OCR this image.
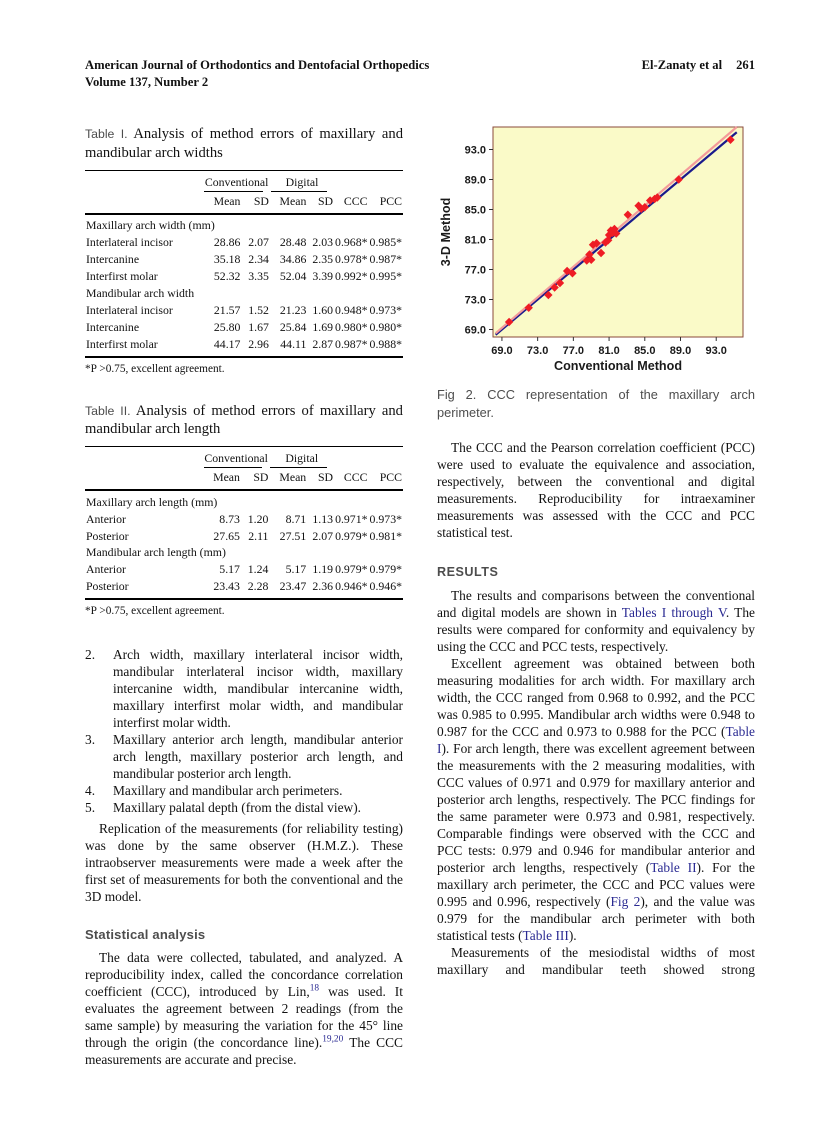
American Journal of Orthodontics and Dentofacial Orthopedics
Volume 137, Number 2
El-Zanaty et al 261
Table I. Analysis of method errors of maxillary and mandibular arch widths
	Conventional		Digital			
	Mean	SD	Mean	SD	CCC	PCC
Maxillary arch width (mm)						
Interlateral incisor	28.86	2.07	28.48	2.03	0.968*	0.985*
Intercanine	35.18	2.34	34.86	2.35	0.978*	0.987*
Interfirst molar	52.32	3.35	52.04	3.39	0.992*	0.995*
Mandibular arch width						
Interlateral incisor	21.57	1.52	21.23	1.60	0.948*	0.973*
Intercanine	25.80	1.67	25.84	1.69	0.980*	0.980*
Interfirst molar	44.17	2.96	44.11	2.87	0.987*	0.988*

*P >0.75, excellent agreement.

Table II. Analysis of method errors of maxillary and mandibular arch length
	Conventional		Digital			
	Mean	SD	Mean	SD	CCC	PCC
Maxillary arch length (mm)						
Anterior	8.73	1.20	8.71	1.13	0.971*	0.973*
Posterior	27.65	2.11	27.51	2.07	0.979*	0.981*
Mandibular arch length (mm)						
Anterior	5.17	1.24	5.17	1.19	0.979*	0.979*
Posterior	23.43	2.28	23.47	2.36	0.946*	0.946*

*P >0.75, excellent agreement.

2.	Arch width, maxillary interlateral incisor width, mandibular interlateral incisor width, maxillary intercanine width, mandibular intercanine width, maxillary interfirst molar width, and mandibular interfirst molar width.
3.	Maxillary anterior arch length, mandibular anterior arch length, maxillary posterior arch length, and mandibular posterior arch length.
4.	Maxillary and mandibular arch perimeters.
5.	Maxillary palatal depth (from the distal view).

Replication of the measurements (for reliability testing) was done by the same observer (H.M.Z.). These intraobserver measurements were made a week after the first set of measurements for both the conventional and the 3D model.

Statistical analysis

The data were collected, tabulated, and analyzed. A reproducibility index, called the concordance correlation coefficient (CCC), introduced by Lin,$^{18}$ was used. It evaluates the agreement between 2 readings (from the same sample) by measuring the variation for the 45° line through the origin (the concordance line).$^{19,20}$ The CCC measurements are accurate and precise.

69.0
69.0
73.0
73.0
77.0
77.0
81.0
81.0
85.0
85.0
89.0
89.0
93.0
93.0
Conventional Method
3-D Method

Fig 2. CCC representation of the maxillary arch perimeter.

The CCC and the Pearson correlation coefficient (PCC) were used to evaluate the equivalence and association, respectively, between the conventional and digital measurements. Reproducibility for intraexaminer measurements was assessed with the CCC and PCC statistical test.

RESULTS

The results and comparisons between the conventional and digital models are shown in Tables I through V. The results were compared for conformity and equivalency by using the CCC and PCC tests, respectively.

Excellent agreement was obtained between both measuring modalities for arch width. For maxillary arch width, the CCC ranged from 0.968 to 0.992, and the PCC was 0.985 to 0.995. Mandibular arch widths were 0.948 to 0.987 for the CCC and 0.973 to 0.988 for the PCC (Table I). For arch length, there was excellent agreement between the measurements with the 2 measuring modalities, with CCC values of 0.971 and 0.979 for maxillary anterior and posterior arch lengths, respectively. The PCC findings for the same parameter were 0.973 and 0.981, respectively. Comparable findings were observed with the CCC and PCC tests: 0.979 and 0.946 for mandibular anterior and posterior arch lengths, respectively (Table II). For the maxillary arch perimeter, the CCC and PCC values were 0.995 and 0.996, respectively (Fig 2), and the value was 0.979 for the mandibular arch perimeter with both statistical tests (Table III).

Measurements of the mesiodistal widths of most maxillary and mandibular teeth showed strong
